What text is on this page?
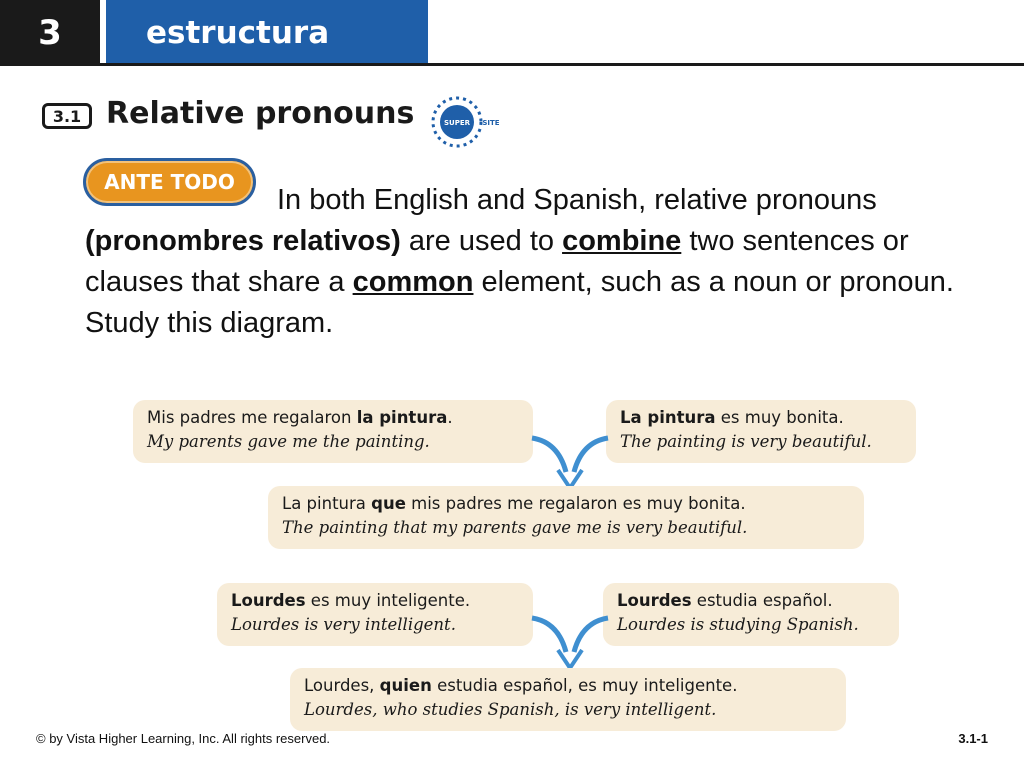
3	estructura
3.1 Relative pronouns	SUPER SITE
ANTE TODO
In both English and Spanish, relative pronouns (pronombres relativos) are used to combine two sentences or clauses that share a common element, such as a noun or pronoun. Study this diagram.
Mis padres me regalaron la pintura.
My parents gave me the painting.
La pintura es muy bonita.
The painting is very beautiful.
La pintura que mis padres me regalaron es muy bonita.
The painting that my parents gave me is very beautiful.
Lourdes es muy inteligente.
Lourdes is very intelligent.
Lourdes estudia español.
Lourdes is studying Spanish.
Lourdes, quien estudia español, es muy inteligente.
Lourdes, who studies Spanish, is very intelligent.
© by Vista Higher Learning, Inc. All rights reserved.	3.1-1
